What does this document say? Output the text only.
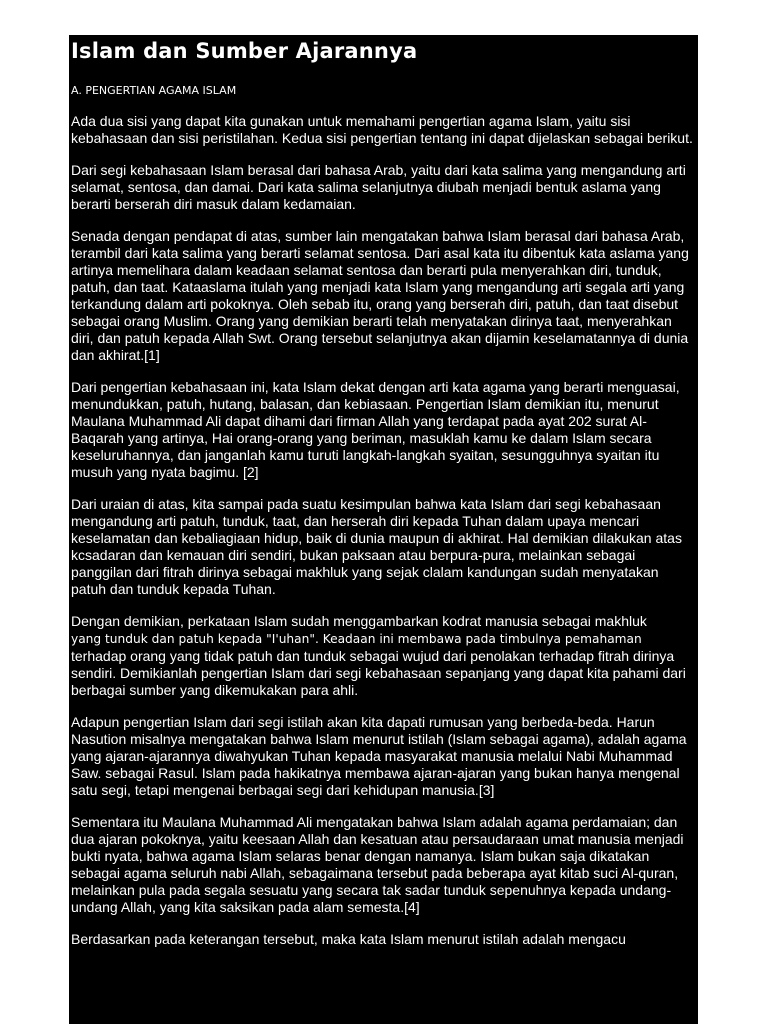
Islam dan Sumber Ajarannya
A. PENGERTIAN AGAMA ISLAM
Ada dua sisi yang dapat kita gunakan untuk memahami pengertian agama Islam, yaitu sisi kebahasaan dan sisi peristilahan. Kedua sisi pengertian tentang ini dapat dijelaskan sebagai berikut.
Dari segi kebahasaan Islam berasal dari bahasa Arab, yaitu dari kata salima yang mengandung arti selamat, sentosa, dan damai. Dari kata salima selanjutnya diubah menjadi bentuk aslama yang berarti berserah diri masuk dalam kedamaian.
Senada dengan pendapat di atas, sumber lain mengatakan bahwa Islam berasal dari bahasa Arab, terambil dari kata salima yang berarti selamat sentosa. Dari asal kata itu dibentuk kata aslama yang artinya memelihara dalam keadaan selamat sentosa dan berarti pula menyerahkan diri, tunduk, patuh, dan taat. Kataaslama itulah yang menjadi kata Islam yang mengandung arti segala arti yang terkandung dalam arti pokoknya. Oleh sebab itu, orang yang berserah diri, patuh, dan taat disebut sebagai orang Muslim. Orang yang demikian berarti telah menyatakan dirinya taat, menyerahkan diri, dan patuh kepada Allah Swt. Orang tersebut selanjutnya akan dijamin keselamatannya di dunia dan akhirat.[1]
Dari pengertian kebahasaan ini, kata Islam dekat dengan arti kata agama yang berarti menguasai, menundukkan, patuh, hutang, balasan, dan kebiasaan. Pengertian Islam demikian itu, menurut Maulana Muhammad Ali dapat dihami dari firman Allah yang terdapat pada ayat 202 surat Al-Baqarah yang artinya, Hai orang-orang yang beriman, masuklah kamu ke dalam Islam secara keseluruhannya, dan janganlah kamu turuti langkah-langkah syaitan, sesungguhnya syaitan itu musuh yang nyata bagimu. [2]
Dari uraian di atas, kita sampai pada suatu kesimpulan bahwa kata Islam dari segi kebahasaan mengandung arti patuh, tunduk, taat, dan herserah diri kepada Tuhan dalam upaya mencari keselamatan dan kebaliagiaan hidup, baik di dunia maupun di akhirat. Hal demikian dilakukan atas kcsadaran dan kemauan diri sendiri, bukan paksaan atau berpura-pura, melainkan sebagai panggilan dari fitrah dirinya sebagai makhluk yang sejak clalam kandungan sudah menyatakan patuh dan tunduk kepada Tuhan.
Dengan demikian, perkataan Islam sudah menggambarkan kodrat manusia sebagai makhluk
yang tunduk dan patuh kepada "I'uhan". Keadaan ini membawa pada timbulnya pemahaman
terhadap orang yang tidak patuh dan tunduk sebagai wujud dari penolakan terhadap fitrah dirinya sendiri. Demikianlah pengertian Islam dari segi kebahasaan sepanjang yang dapat kita pahami dari berbagai sumber yang dikemukakan para ahli.
Adapun pengertian Islam dari segi istilah akan kita dapati rumusan yang berbeda-beda. Harun Nasution misalnya mengatakan bahwa Islam menurut istilah (Islam sebagai agama), adalah agama yang ajaran-ajarannya diwahyukan Tuhan kepada masyarakat manusia melalui Nabi Muhammad Saw. sebagai Rasul. Islam pada hakikatnya membawa ajaran-ajaran yang bukan hanya mengenal satu segi, tetapi mengenai berbagai segi dari kehidupan manusia.[3]
Sementara itu Maulana Muhammad Ali mengatakan bahwa Islam adalah agama perdamaian; dan dua ajaran pokoknya, yaitu keesaan Allah dan kesatuan atau persaudaraan umat manusia menjadi bukti nyata, bahwa agama Islam selaras benar dengan namanya. Islam bukan saja dikatakan sebagai agama seluruh nabi Allah, sebagaimana tersebut pada beberapa ayat kitab suci Al-quran, melainkan pula pada segala sesuatu yang secara tak sadar tunduk sepenuhnya kepada undang-undang Allah, yang kita saksikan pada alam semesta.[4]
Berdasarkan pada keterangan tersebut, maka kata Islam menurut istilah adalah mengacu
